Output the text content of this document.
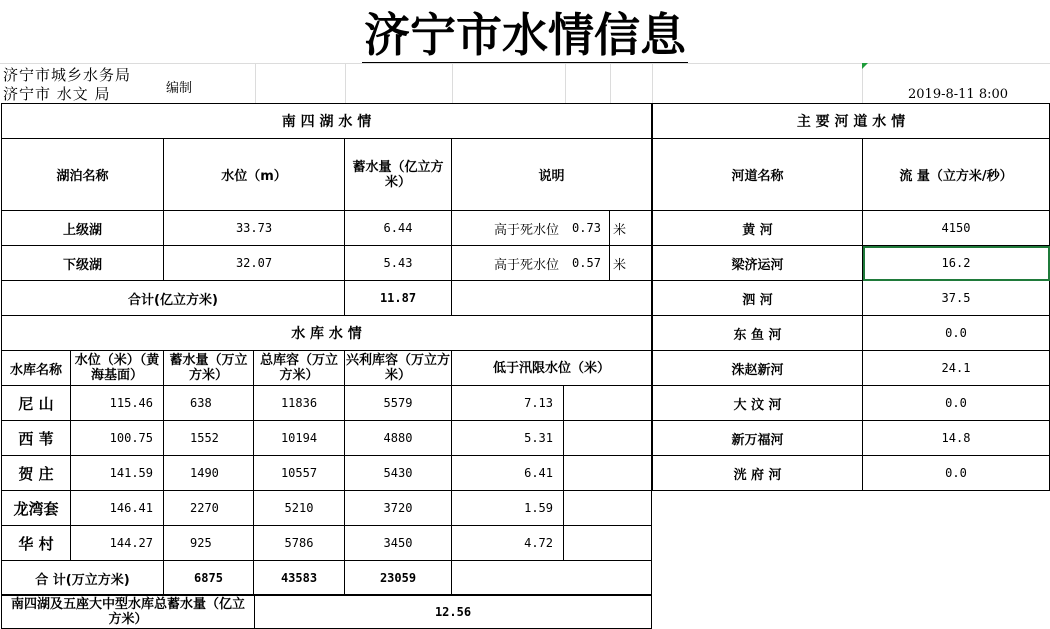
济宁市水情信息
济宁市城乡水务局
济宁市 水文 局	编制	2019-8-11 8:00
南 四 湖 水 情							
湖泊名称		水位（m）		蓄水量（亿立方米）	说明		
上级湖		33.73		6.44	高于死水位	0.73	米
下级湖		32.07		5.43	高于死水位	0.57	米
合计(亿立方米)				11.87			
水 库 水 情							
水库名称	水位（米）（黄海基面）	蓄水量（万立方米）	总库容（万立方米）	兴利库容（万立方米）	低于汛限水位（米）		
尼 山	115.46	638	11836	5579	7.13		
西 苇	100.75	1552	10194	4880	5.31		
贺 庄	141.59	1490	10557	5430	6.41		
龙湾套	146.41	2270	5210	3720	1.59		
华 村	144.27	925	5786	3450	4.72		
合 计(万立方米)		6875	43583	23059			
南四湖及五座大中型水库总蓄水量（亿立方米）	12.56
主 要 河 道 水 情	
河道名称	流 量（立方米/秒）
黄 河	4150
梁济运河	16.2
泗 河	37.5
东 鱼 河	0.0
洙赵新河	24.1
大 汶 河	0.0
新万福河	14.8
洸 府 河	0.0
